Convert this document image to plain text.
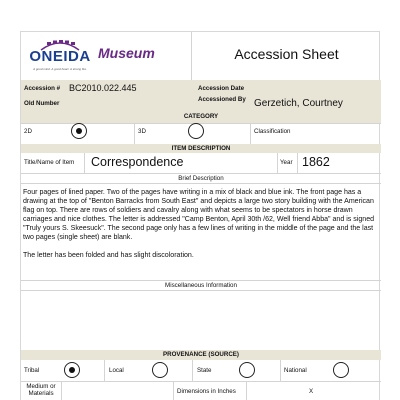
ONEIDA
A good mind. A good heart. A strong fire.
Museum	Accession Sheet
Accession # BC2010.022.445	Accession Date
Old Number
Accessioned By Gerzetich, Courtney
CATEGORY
2D	3D	Classification
ITEM DESCRIPTION
Title/Name of Item Correspondence	Year 1862
Brief Description

Four pages of lined paper. Two of the pages have writing in a mix of black and blue ink. The front page has a drawing at the top of "Benton Barracks from South East" and depicts a large two story building with the American flag on top. There are rows of soldiers and cavalry along with what seems to be spectators in horse drawn carriages and nice clothes. The letter is addressed "Camp Benton, April 30th /62, Well friend Abba" and is signed "Truly yours S. Skeesuck". The second page only has a few lines of writing in the middle of the page and the last two pages (single sheet) are blank.

The letter has been folded and has slight discoloration.

Miscellaneous Information
PROVENANCE (SOURCE)
Tribal	Local	State	National
Medium or Materials	Dimensions in Inches	X
